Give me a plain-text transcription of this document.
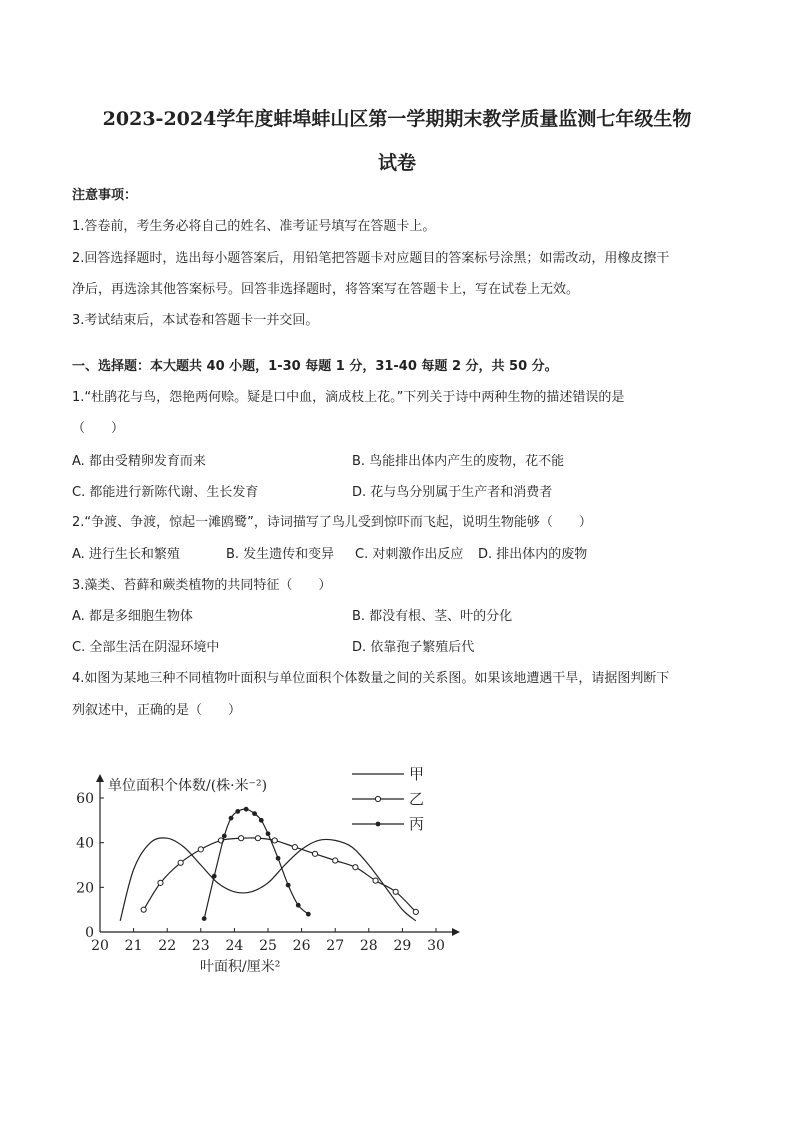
2023-2024学年度蚌埠蚌山区第一学期期末教学质量监测七年级生物
试卷
注意事项：
1.答卷前，考生务必将自己的姓名、准考证号填写在答题卡上。
2.回答选择题时，选出每小题答案后，用铅笔把答题卡对应题目的答案标号涂黑；如需改动，用橡皮擦干
净后，再选涂其他答案标号。回答非选择题时，将答案写在答题卡上，写在试卷上无效。
3.考试结束后，本试卷和答题卡一并交回。
一、选择题：本大题共 40 小题，1-30 每题 1 分，31-40 每题 2 分，共 50 分。
1.“杜鹃花与鸟，怨艳两何赊。疑是口中血，滴成枝上花。”下列关于诗中两种生物的描述错误的是
（　　）
A. 都由受精卵发育而来	B. 鸟能排出体内产生的废物，花不能
C. 都能进行新陈代谢、生长发育	D. 花与鸟分别属于生产者和消费者
2.“争渡、争渡，惊起一滩鸥鹭”，诗词描写了鸟儿受到惊吓而飞起，说明生物能够（　　）
A. 进行生长和繁殖	B. 发生遗传和变异 C. 对刺激作出反应 D. 排出体内的废物
3.藻类、苔藓和蕨类植物的共同特征（　　）
A. 都是多细胞生物体	B. 都没有根、茎、叶的分化
C. 全部生活在阴湿环境中	D. 依靠孢子繁殖后代
4.如图为某地三种不同植物叶面积与单位面积个体数量之间的关系图。如果该地遭遇干旱，请据图判断下
列叙述中，正确的是（　　）
20 21 22 23 24 25 26 27 28 29 30
0
20
40
60
单位面积个体数/(株·米⁻²)
叶面积/厘米²
甲
乙
丙
